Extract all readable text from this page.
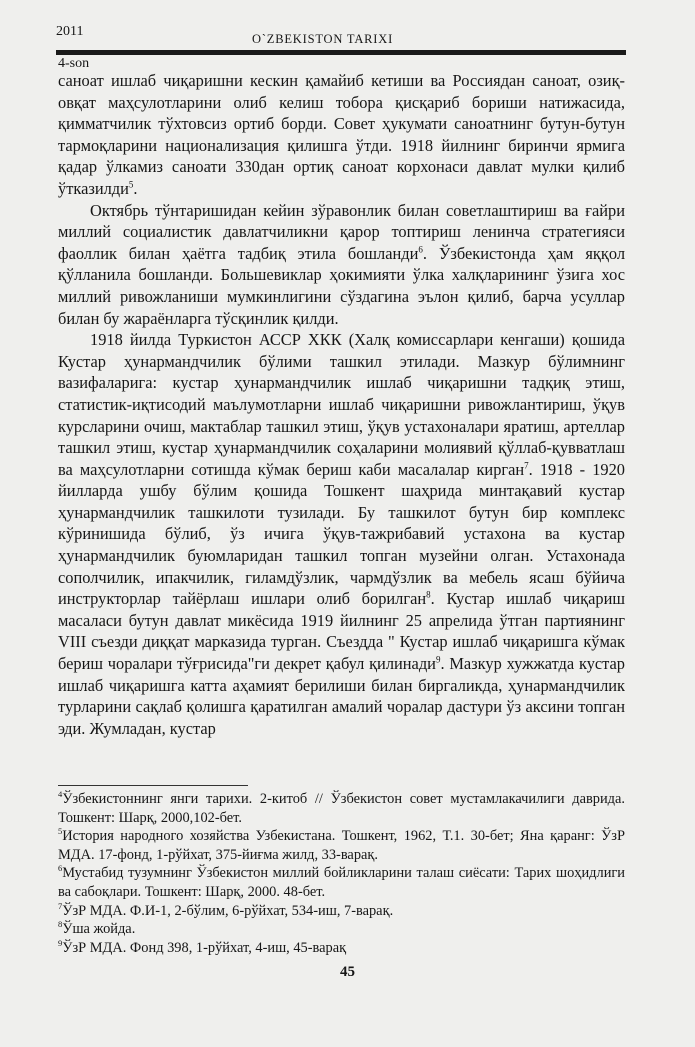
2011	O`ZBEKISTON TARIXI
4-son

саноат ишлаб чиқаришни кескин қамайиб кетиши ва Россиядан саноат, озиқ-овқат маҳсулотларини олиб келиш тобора қисқариб бориши натижасида, қимматчилик тўхтовсиз ортиб борди. Совет ҳукумати саноатнинг бутун-бутун тармоқларини национализация қилишга ўтди. 1918 йилнинг биринчи ярмига қадар ўлкамиз саноати 330дан ортиқ саноат корхонаси давлат мулки қилиб ўтказилди$^5$.

Октябрь тўнтаришидан кейин зўравонлик билан советлаштириш ва ғайри миллий социалистик давлатчиликни қарор топтириш ленинча стратегияси фаоллик билан ҳаётга тадбиқ этила бошланди$^6$. Ўзбекистонда ҳам яққол қўлланила бошланди. Большевиклар ҳокимияти ўлка халқларининг ўзига хос миллий ривожланиши мумкинлигини сўздагина эълон қилиб, барча усуллар билан бу жараёнларга тўсқинлик қилди.

1918 йилда Туркистон АССР ХКК (Халқ комиссарлари кенгаши) қошида Кустар ҳунармандчилик бўлими ташкил этилади. Мазкур бўлимнинг вазифаларига: кустар ҳунармандчилик ишлаб чиқаришни тадқиқ этиш, статистик-иқтисодий маълумотларни ишлаб чиқаришни ривожлантириш, ўқув курсларини очиш, мактаблар ташкил этиш, ўқув устахоналари яратиш, артеллар ташкил этиш, кустар ҳунармандчилик соҳаларини молиявий қўллаб-қувватлаш ва маҳсулотларни сотишда кўмак бериш каби масалалар кирган$^7$. 1918 - 1920 йилларда ушбу бўлим қошида Тошкент шаҳрида минтақавий кустар ҳунармандчилик ташкилоти тузилади. Бу ташкилот бутун бир комплекс кўринишида бўлиб, ўз ичига ўқув-тажрибавий устахона ва кустар ҳунармандчилик буюмларидан ташкил топган музейни олган. Устахонада сополчилик, ипакчилик, гиламдўзлик, чармдўзлик ва мебель ясаш бўйича инструкторлар тайёрлаш ишлари олиб борилган$^8$. Кустар ишлаб чиқариш масаласи бутун давлат микёсида 1919 йилнинг 25 апрелида ўтган партиянинг VIII съезди диққат марказида турган. Съездда " Кустар ишлаб чиқаришга кўмак бериш чоралари тўғрисида"ги декрет қабул қилинади$^9$. Мазкур хужжатда кустар ишлаб чиқаришга катта аҳамият берилиши билан биргаликда, ҳунармандчилик турларини сақлаб қолишга қаратилган амалий чоралар дастури ўз аксини топган эди. Жумладан, кустар

$^4$Ўзбекистоннинг янги тарихи. 2-китоб // Ўзбекистон совет мустамлакачилиги даврида. Тошкент: Шарқ, 2000,102-бет.

$^5$История народного хозяйства Узбекистана. Тошкент, 1962, Т.1. 30-бет; Яна қаранг: ЎзР МДА. 17-фонд, 1-рўйхат, 375-йиғма жилд, 33-варақ.

$^6$Мустабид тузумнинг Ўзбекистон миллий бойликларини талаш сиёсати: Тарих шоҳидлиги ва сабоқлари. Тошкент: Шарқ, 2000. 48-бет.

$^7$ЎзР МДА. Ф.И-1, 2-бўлим, 6-рўйхат, 534-иш, 7-варақ.

$^8$Ўша жойда.

$^9$ЎзР МДА. Фонд 398, 1-рўйхат, 4-иш, 45-варақ

45
